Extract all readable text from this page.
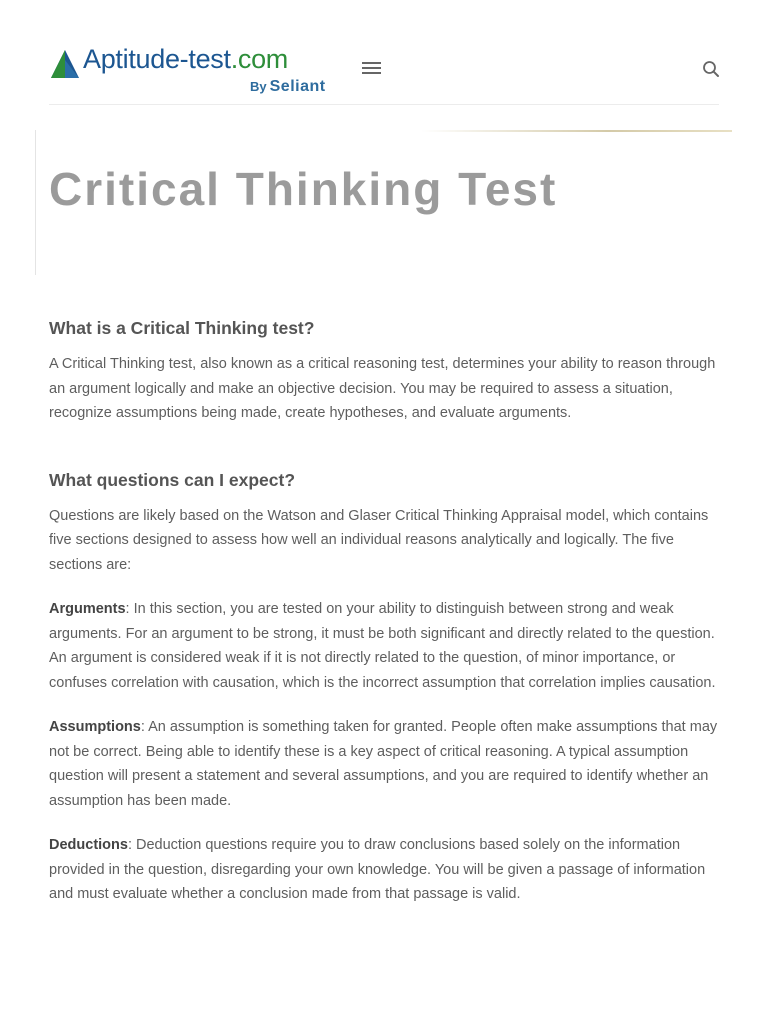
Aptitude-test.com
By Seliant
Critical Thinking Test
What is a Critical Thinking test?

A Critical Thinking test, also known as a critical reasoning test, determines your ability to reason through an argument logically and make an objective decision. You may be required to assess a situation, recognize assumptions being made, create hypotheses, and evaluate arguments.

What questions can I expect?

Questions are likely based on the Watson and Glaser Critical Thinking Appraisal model, which contains five sections designed to assess how well an individual reasons analytically and logically. The five sections are:

Arguments: In this section, you are tested on your ability to distinguish between strong and weak arguments. For an argument to be strong, it must be both significant and directly related to the question. An argument is considered weak if it is not directly related to the question, of minor importance, or confuses correlation with causation, which is the incorrect assumption that correlation implies causation.

Assumptions: An assumption is something taken for granted. People often make assumptions that may not be correct. Being able to identify these is a key aspect of critical reasoning. A typical assumption question will present a statement and several assumptions, and you are required to identify whether an assumption has been made.

Deductions: Deduction questions require you to draw conclusions based solely on the information provided in the question, disregarding your own knowledge. You will be given a passage of information and must evaluate whether a conclusion made from that passage is valid.
